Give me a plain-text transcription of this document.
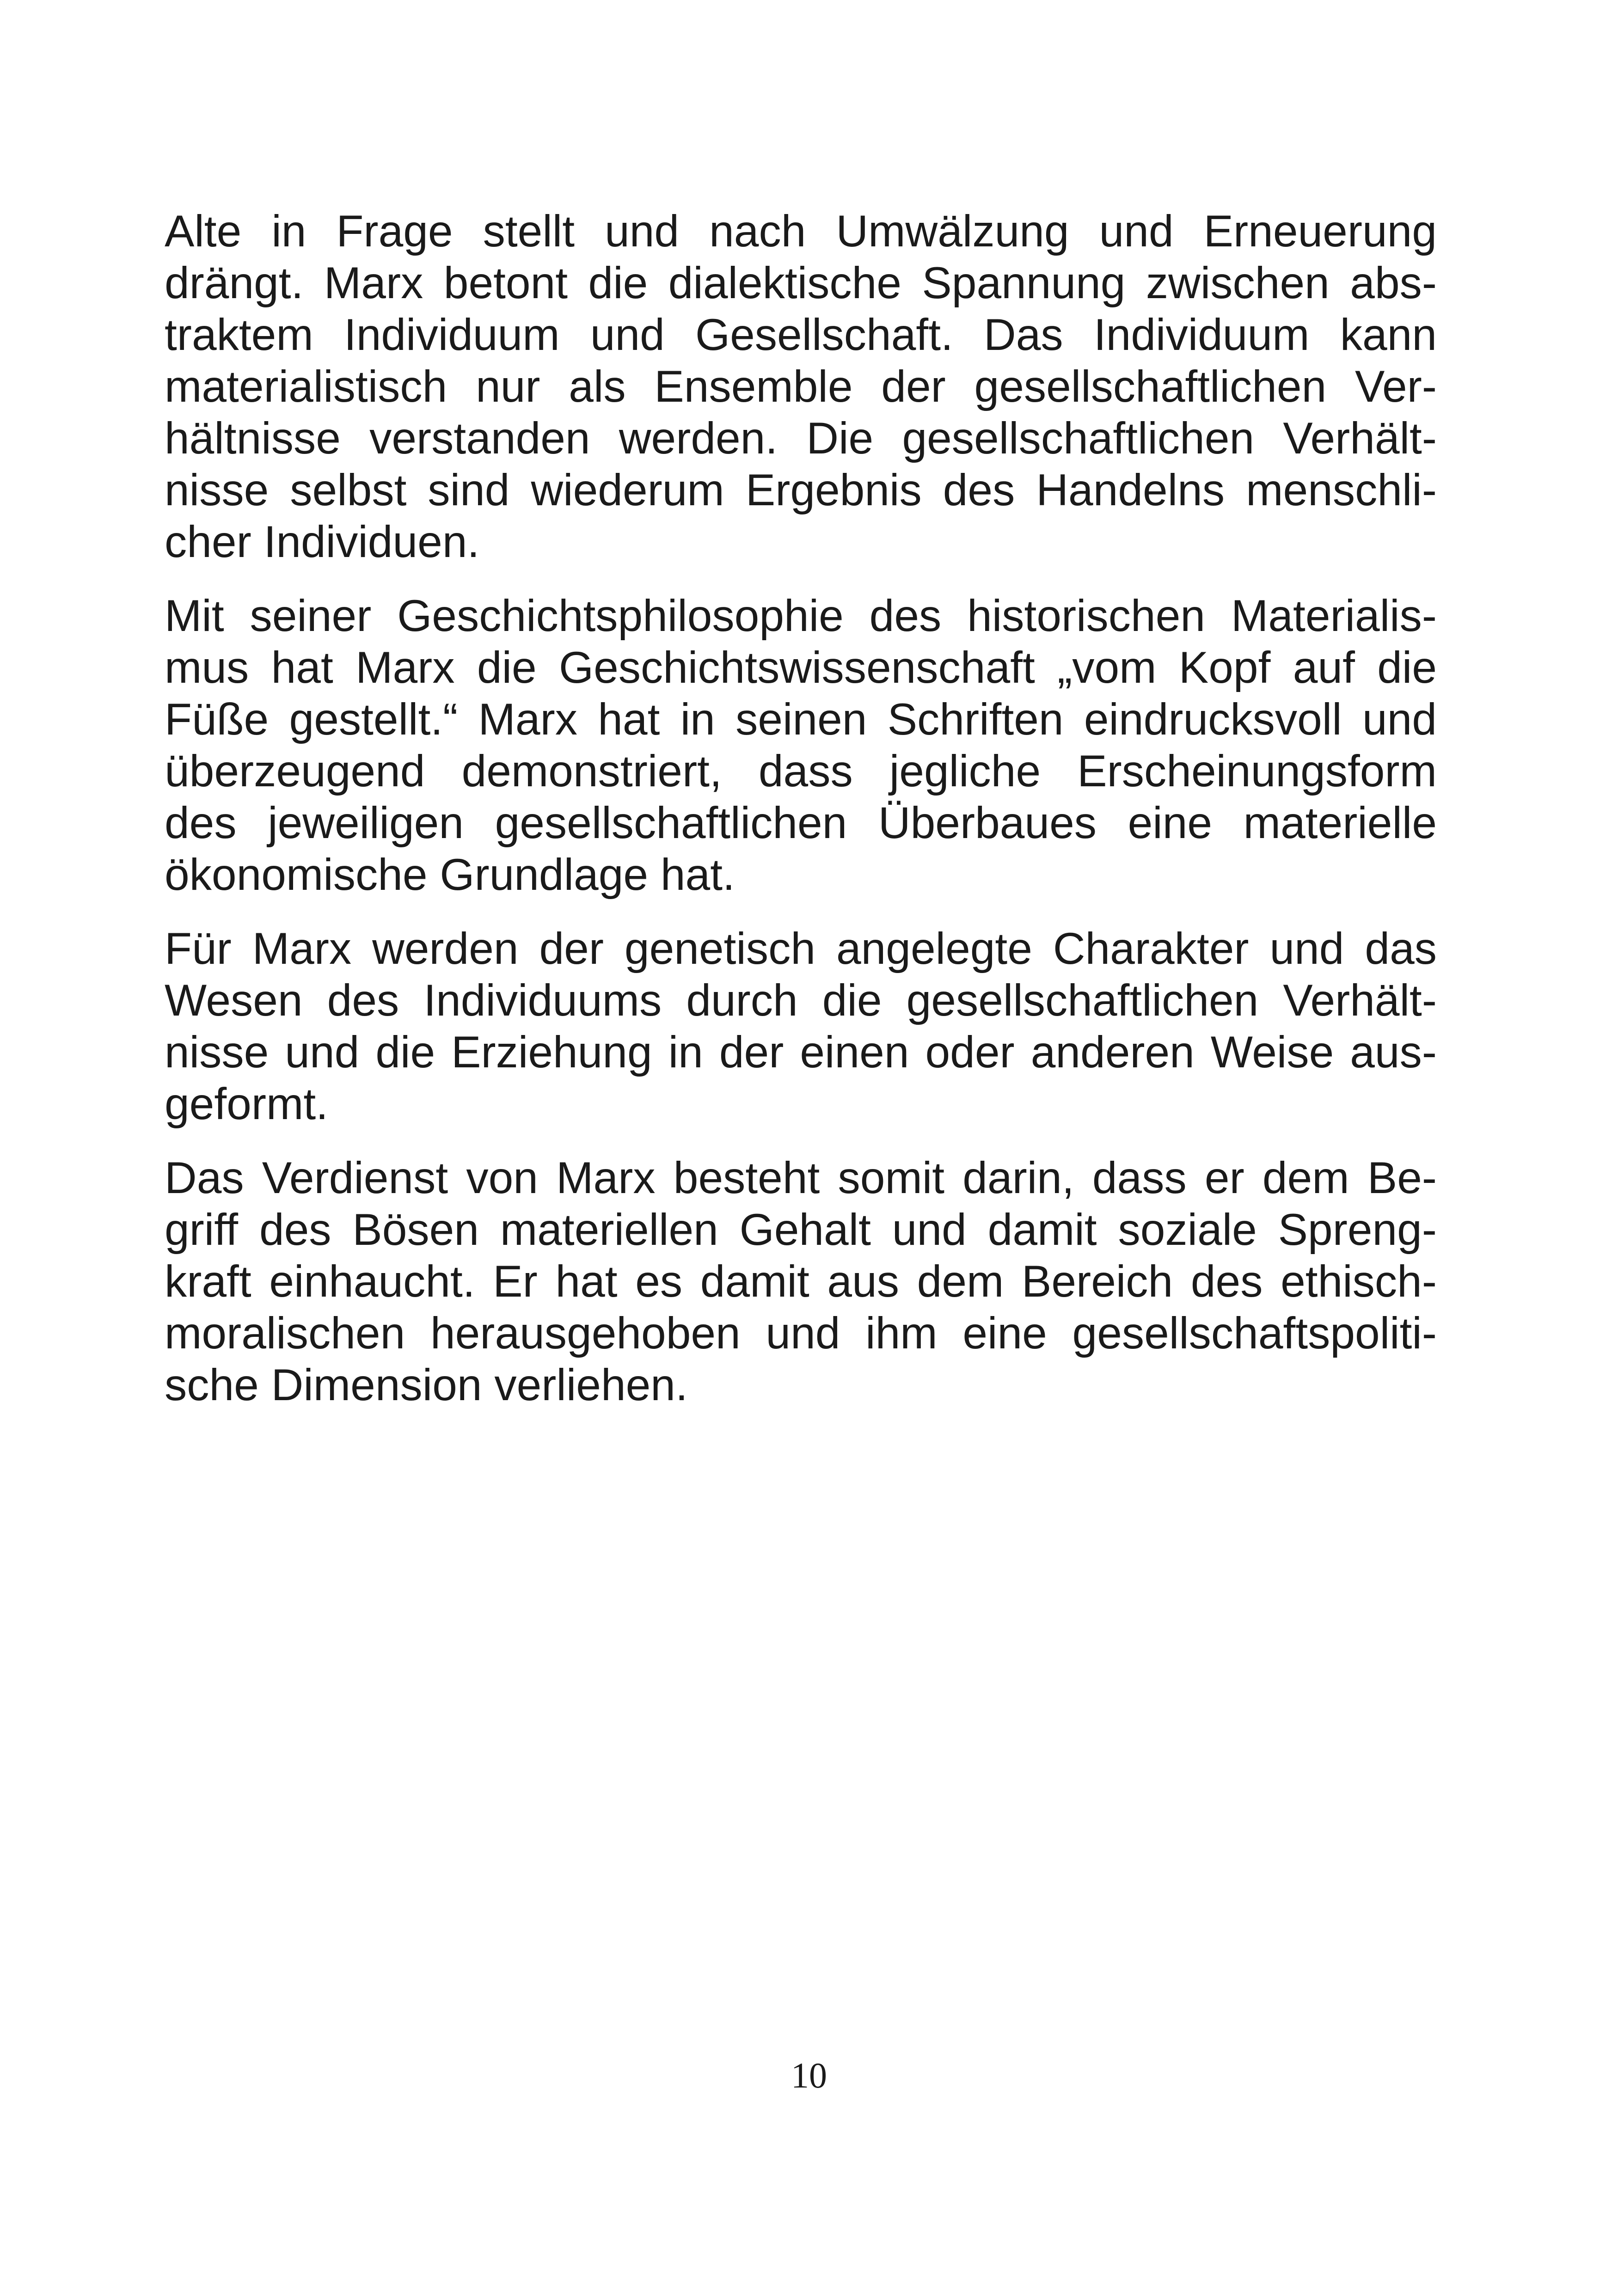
Alte in Frage stellt und nach Umwälzung und Erneuerung
drängt. Marx betont die dialektische Spannung zwischen abs-
traktem Individuum und Gesellschaft. Das Individuum kann
materialistisch nur als Ensemble der gesellschaftlichen Ver-
hältnisse verstanden werden. Die gesellschaftlichen Verhält-
nisse selbst sind wiederum Ergebnis des Handelns menschli-
cher Individuen.

Mit seiner Geschichtsphilosophie des historischen Materialis-
mus hat Marx die Geschichtswissenschaft „vom Kopf auf die
Füße gestellt.“ Marx hat in seinen Schriften eindrucksvoll und
überzeugend demonstriert, dass jegliche Erscheinungsform
des jeweiligen gesellschaftlichen Überbaues eine materielle
ökonomische Grundlage hat.

Für Marx werden der genetisch angelegte Charakter und das
Wesen des Individuums durch die gesellschaftlichen Verhält-
nisse und die Erziehung in der einen oder anderen Weise aus-
geformt.

Das Verdienst von Marx besteht somit darin, dass er dem Be-
griff des Bösen materiellen Gehalt und damit soziale Spreng-
kraft einhaucht. Er hat es damit aus dem Bereich des ethisch-
moralischen herausgehoben und ihm eine gesellschaftspoliti-
sche Dimension verliehen.

10
